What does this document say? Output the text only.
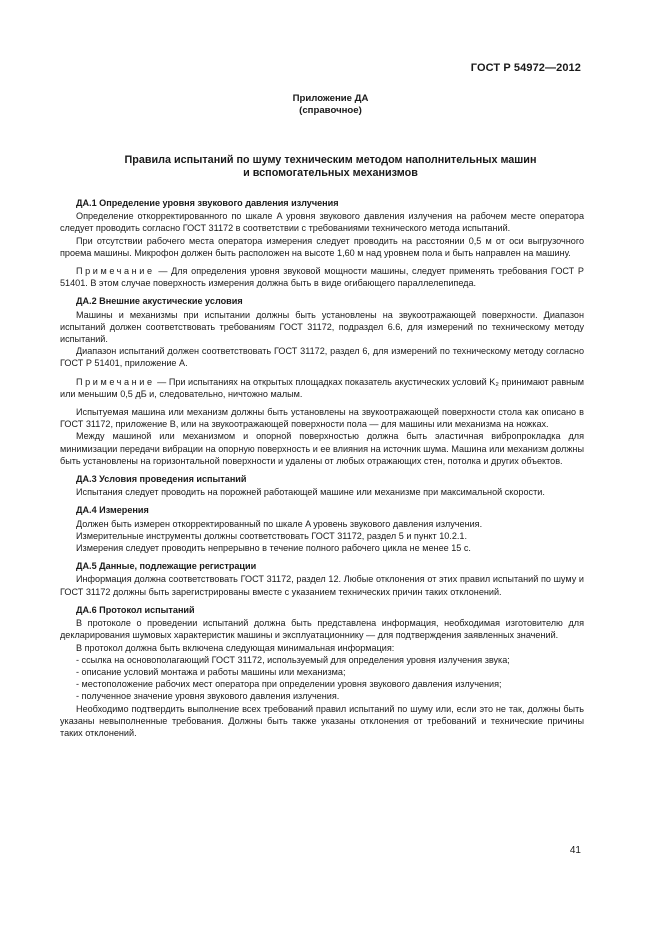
ГОСТ Р 54972—2012
Приложение ДА
(справочное)
Правила испытаний по шуму техническим методом наполнительных машин
и вспомогательных механизмов
ДА.1 Определение уровня звукового давления излучения

Определение откорректированного по шкале A уровня звукового давления излучения на рабочем месте оператора следует проводить согласно ГОСТ 31172 в соответствии с требованиями технического метода испытаний.

При отсутствии рабочего места оператора измерения следует проводить на расстоянии 0,5 м от оси выгрузочного проема машины. Микрофон должен быть расположен на высоте 1,60 м над уровнем пола и быть направлен на машину.

Примечание — Для определения уровня звуковой мощности машины, следует применять требования ГОСТ Р 51401. В этом случае поверхность измерения должна быть в виде огибающего параллелепипеда.

ДА.2 Внешние акустические условия

Машины и механизмы при испытании должны быть установлены на звукоотражающей поверхности. Диапазон испытаний должен соответствовать требованиям ГОСТ 31172, подраздел 6.6, для измерений по техническому методу испытаний.

Диапазон испытаний должен соответствовать ГОСТ 31172, раздел 6, для измерений по техническому методу согласно ГОСТ Р 51401, приложение А.

Примечание — При испытаниях на открытых площадках показатель акустических условий K₂ принимают равным или меньшим 0,5 дБ и, следовательно, ничтожно малым.

Испытуемая машина или механизм должны быть установлены на звукоотражающей поверхности стола как описано в ГОСТ 31172, приложение В, или на звукоотражающей поверхности пола — для машины или механизма на ножках.

Между машиной или механизмом и опорной поверхностью должна быть эластичная вибропрокладка для минимизации передачи вибрации на опорную поверхность и ее влияния на источник шума. Машина или механизм должны быть установлены на горизонтальной поверхности и удалены от любых отражающих стен, потолка и других объектов.

ДА.3 Условия проведения испытаний

Испытания следует проводить на порожней работающей машине или механизме при максимальной скорости.

ДА.4 Измерения

Должен быть измерен откорректированный по шкале A уровень звукового давления излучения.

Измерительные инструменты должны соответствовать ГОСТ 31172, раздел 5 и пункт 10.2.1.

Измерения следует проводить непрерывно в течение полного рабочего цикла не менее 15 с.

ДА.5 Данные, подлежащие регистрации

Информация должна соответствовать ГОСТ 31172, раздел 12. Любые отклонения от этих правил испытаний по шуму и ГОСТ 31172 должны быть зарегистрированы вместе с указанием технических причин таких отклонений.

ДА.6 Протокол испытаний

В протоколе о проведении испытаний должна быть представлена информация, необходимая изготовителю для декларирования шумовых характеристик машины и эксплуатационнику — для подтверждения заявленных значений.

В протокол должна быть включена следующая минимальная информация:

- ссылка на основополагающий ГОСТ 31172, используемый для определения уровня излучения звука;

- описание условий монтажа и работы машины или механизма;

- местоположение рабочих мест оператора при определении уровня звукового давления излучения;

- полученное значение уровня звукового давления излучения.

Необходимо подтвердить выполнение всех требований правил испытаний по шуму или, если это не так, должны быть указаны невыполненные требования. Должны быть также указаны отклонения от требований и технические причины таких отклонений.

41
